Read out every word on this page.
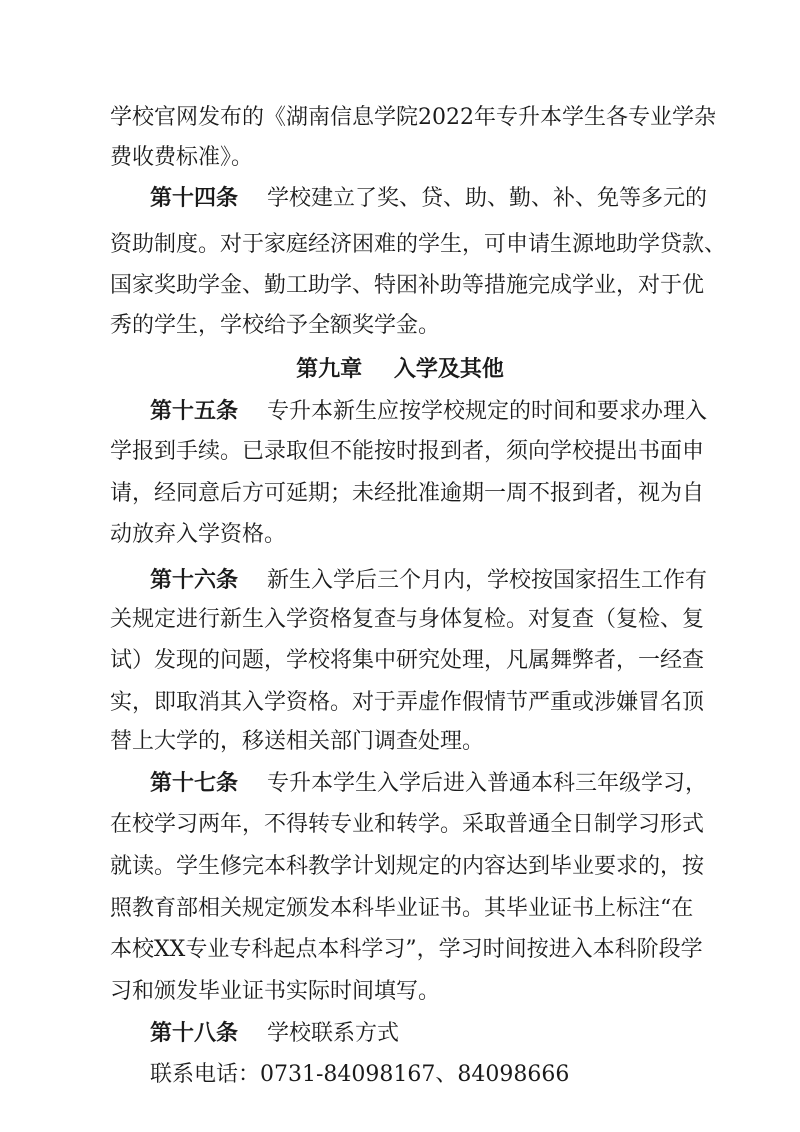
学校官网发布的《湖南信息学院2022年专升本学生各专业学杂
费收费标准》。
第十四条 学校建立了奖、贷、助、勤、补、免等多元的
资助制度。对于家庭经济困难的学生，可申请生源地助学贷款、
国家奖助学金、勤工助学、特困补助等措施完成学业，对于优
秀的学生，学校给予全额奖学金。
第九章 入学及其他
第十五条 专升本新生应按学校规定的时间和要求办理入
学报到手续。已录取但不能按时报到者，须向学校提出书面申
请，经同意后方可延期；未经批准逾期一周不报到者，视为自
动放弃入学资格。
第十六条 新生入学后三个月内，学校按国家招生工作有
关规定进行新生入学资格复查与身体复检。对复查（复检、复
试）发现的问题，学校将集中研究处理，凡属舞弊者，一经查
实，即取消其入学资格。对于弄虚作假情节严重或涉嫌冒名顶
替上大学的，移送相关部门调查处理。
第十七条 专升本学生入学后进入普通本科三年级学习，
在校学习两年，不得转专业和转学。采取普通全日制学习形式
就读。学生修完本科教学计划规定的内容达到毕业要求的，按
照教育部相关规定颁发本科毕业证书。其毕业证书上标注“在
本校XX专业专科起点本科学习”，学习时间按进入本科阶段学
习和颁发毕业证书实际时间填写。
第十八条 学校联系方式
联系电话：0731-84098167、84098666
